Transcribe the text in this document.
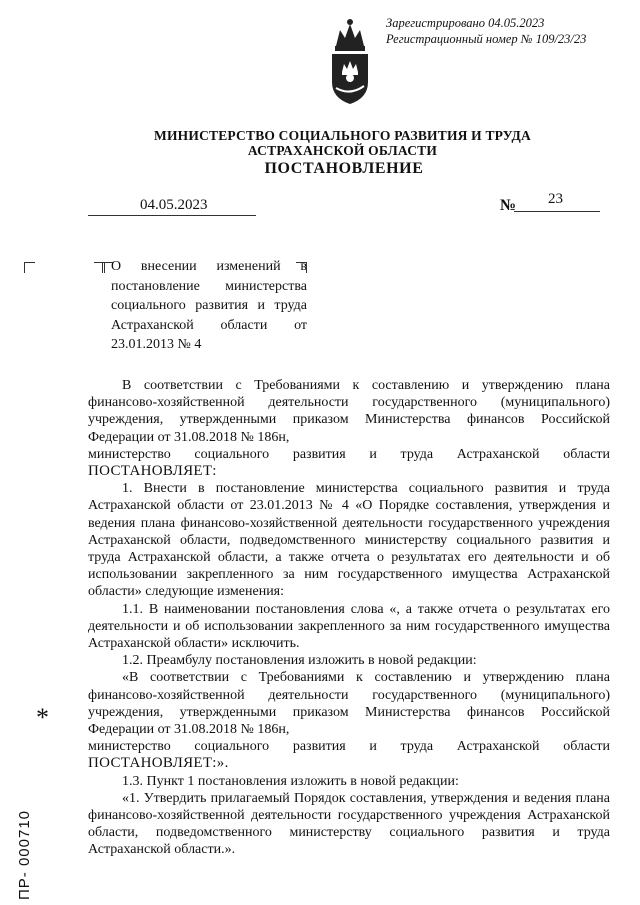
Зарегистрировано 04.05.2023
Регистрационный номер № 109/23/23
МИНИСТЕРСТВО СОЦИАЛЬНОГО РАЗВИТИЯ И ТРУДА
АСТРАХАНСКОЙ ОБЛАСТИ
ПОСТАНОВЛЕНИЕ
04.05.2023	№ 23
О внесении изменений в постановление министерства социального развития и труда Астраханской области от 23.01.2013 № 4

В соответствии с Требованиями к составлению и утверждению плана финансово-хозяйственной деятельности государственного (муниципального) учреждения, утвержденными приказом Министерства финансов Российской Федерации от 31.08.2018 № 186н,

министерство социального развития и труда Астраханской области

ПОСТАНОВЛЯЕТ:

1. Внести в постановление министерства социального развития и труда Астраханской области от 23.01.2013 № 4 «О Порядке составления, утверждения и ведения плана финансово-хозяйственной деятельности государственного учреждения Астраханской области, подведомственного министерству социального развития и труда Астраханской области, а также отчета о результатах его деятельности и об использовании закрепленного за ним государственного имущества Астраханской области» следующие изменения:

1.1. В наименовании постановления слова «, а также отчета о результатах его деятельности и об использовании закрепленного за ним государственного имущества Астраханской области» исключить.

1.2. Преамбулу постановления изложить в новой редакции:

«В соответствии с Требованиями к составлению и утверждению плана финансово-хозяйственной деятельности государственного (муниципального) учреждения, утвержденными приказом Министерства финансов Российской Федерации от 31.08.2018 № 186н,

министерство социального развития и труда Астраханской области

ПОСТАНОВЛЯЕТ:».

1.3. Пункт 1 постановления изложить в новой редакции:

«1. Утвердить прилагаемый Порядок составления, утверждения и ведения плана финансово-хозяйственной деятельности государственного учреждения Астраханской области, подведомственного министерству социального развития и труда Астраханской области.».

*
ПР- 000710
